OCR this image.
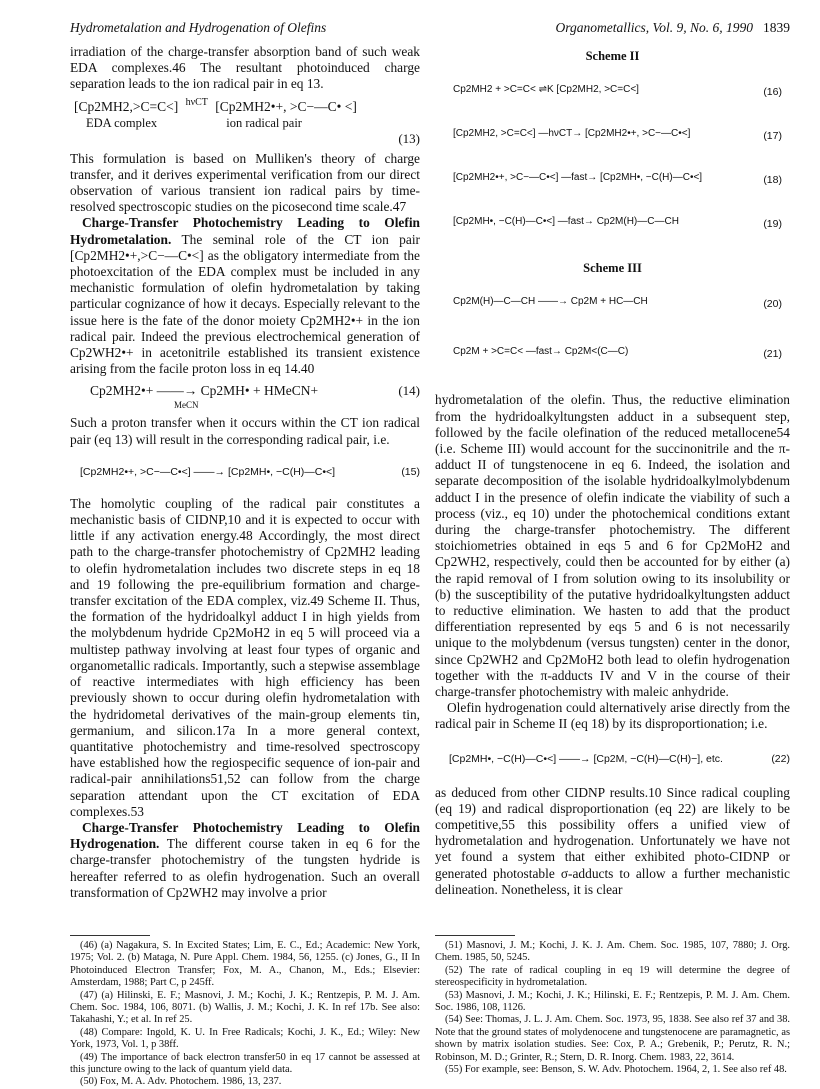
Hydrometalation and Hydrogenation of Olefins	Organometallics, Vol. 9, No. 6, 1990 1839

irradiation of the charge-transfer absorption band of such weak EDA complexes.46 The resultant photoinduced charge separation leads to the ion radical pair in eq 13.

[Cp2MH2,>C=C<] hνCT [Cp2MH2•+, >C−—C• <]
EDA complex	ion radical pair
(13)

This formulation is based on Mulliken's theory of charge transfer, and it derives experimental verification from our direct observation of various transient ion radical pairs by time-resolved spectroscopic studies on the picosecond time scale.47

Charge-Transfer Photochemistry Leading to Olefin Hydrometalation. The seminal role of the CT ion pair [Cp2MH2•+,>C−—C•<] as the obligatory intermediate from the photoexcitation of the EDA complex must be included in any mechanistic formulation of olefin hydrometalation by taking particular cognizance of how it decays. Especially relevant to the issue here is the fate of the donor moiety Cp2MH2•+ in the ion radical pair. Indeed the previous electrochemical generation of Cp2WH2•+ in acetonitrile established its transient existence arising from the facile proton loss in eq 14.40

Cp2MH2•+ ——→ Cp2MH• + HMeCN+
MeCN
(14)

Such a proton transfer when it occurs within the CT ion radical pair (eq 13) will result in the corresponding radical pair, i.e.

[Cp2MH2•+, >C−—C•<] ——→ [Cp2MH•, −C(H)—C•<]	(15)

The homolytic coupling of the radical pair constitutes a mechanistic basis of CIDNP,10 and it is expected to occur with little if any activation energy.48 Accordingly, the most direct path to the charge-transfer photochemistry of Cp2MH2 leading to olefin hydrometalation includes two discrete steps in eq 18 and 19 following the pre-equilibrium formation and charge-transfer excitation of the EDA complex, viz.49 Scheme II. Thus, the formation of the hydridoalkyl adduct I in high yields from the molybdenum hydride Cp2MoH2 in eq 5 will proceed via a multistep pathway involving at least four types of organic and organometallic radicals. Importantly, such a stepwise assemblage of reactive intermediates with high efficiency has been previously shown to occur during olefin hydrometalation with the hydridometal derivatives of the main-group elements tin, germanium, and silicon.17a In a more general context, quantitative photochemistry and time-resolved spectroscopy have established how the regiospecific sequence of ion-pair and radical-pair annihilations51,52 can follow from the charge separation attendant upon the CT excitation of EDA complexes.53

Charge-Transfer Photochemistry Leading to Olefin Hydrogenation. The different course taken in eq 6 for the charge-transfer photochemistry of the tungsten hydride is hereafter referred to as olefin hydrogenation. Such an overall transformation of Cp2WH2 may involve a prior

(46) (a) Nagakura, S. In Excited States; Lim, E. C., Ed.; Academic: New York, 1975; Vol. 2. (b) Mataga, N. Pure Appl. Chem. 1984, 56, 1255. (c) Jones, G., II In Photoinduced Electron Transfer; Fox, M. A., Chanon, M., Eds.; Elsevier: Amsterdam, 1988; Part C, p 245ff.

(47) (a) Hilinski, E. F.; Masnovi, J. M.; Kochi, J. K.; Rentzepis, P. M. J. Am. Chem. Soc. 1984, 106, 8071. (b) Wallis, J. M.; Kochi, J. K. In ref 17b. See also: Takahashi, Y.; et al. In ref 25.

(48) Compare: Ingold, K. U. In Free Radicals; Kochi, J. K., Ed.; Wiley: New York, 1973, Vol. 1, p 38ff.

(49) The importance of back electron transfer50 in eq 17 cannot be assessed at this juncture owing to the lack of quantum yield data.

(50) Fox, M. A. Adv. Photochem. 1986, 13, 237.

Scheme II
Cp2MH2 + >C=C< ⇌K [Cp2MH2, >C=C<]	(16)
[Cp2MH2, >C=C<] —hνCT→ [Cp2MH2•+, >C−—C•<]	(17)
[Cp2MH2•+, >C−—C•<] —fast→ [Cp2MH•, −C(H)—C•<]	(18)
[Cp2MH•, −C(H)—C•<] —fast→ Cp2M(H)—C—CH	(19)
Scheme III
Cp2M(H)—C—CH ——→ Cp2M + HC—CH	(20)
Cp2M + >C=C< —fast→ Cp2M<(C—C)	(21)

hydrometalation of the olefin. Thus, the reductive elimination from the hydridoalkyltungsten adduct in a subsequent step, followed by the facile olefination of the reduced metallocene54 (i.e. Scheme III) would account for the succinonitrile and the π-adduct II of tungstenocene in eq 6. Indeed, the isolation and separate decomposition of the isolable hydridoalkylmolybdenum adduct I in the presence of olefin indicate the viability of such a process (viz., eq 10) under the photochemical conditions extant during the charge-transfer photochemistry. The different stoichiometries obtained in eqs 5 and 6 for Cp2MoH2 and Cp2WH2, respectively, could then be accounted for by either (a) the rapid removal of I from solution owing to its insolubility or (b) the susceptibility of the putative hydridoalkyltungsten adduct to reductive elimination. We hasten to add that the product differentiation represented by eqs 5 and 6 is not necessarily unique to the molybdenum (versus tungsten) center in the donor, since Cp2WH2 and Cp2MoH2 both lead to olefin hydrogenation together with the π-adducts IV and V in the course of their charge-transfer photochemistry with maleic anhydride.

Olefin hydrogenation could alternatively arise directly from the radical pair in Scheme II (eq 18) by its disproportionation; i.e.

[Cp2MH•, −C(H)—C•<] ——→ [Cp2M, −C(H)—C(H)−], etc.	(22)

as deduced from other CIDNP results.10 Since radical coupling (eq 19) and radical disproportionation (eq 22) are likely to be competitive,55 this possibility offers a unified view of hydrometalation and hydrogenation. Unfortunately we have not yet found a system that either exhibited photo-CIDNP or generated photostable σ-adducts to allow a further mechanistic delineation. Nonetheless, it is clear

(51) Masnovi, J. M.; Kochi, J. K. J. Am. Chem. Soc. 1985, 107, 7880; J. Org. Chem. 1985, 50, 5245.

(52) The rate of radical coupling in eq 19 will determine the degree of stereospecificity in hydrometalation.

(53) Masnovi, J. M.; Kochi, J. K.; Hilinski, E. F.; Rentzepis, P. M. J. Am. Chem. Soc. 1986, 108, 1126.

(54) See: Thomas, J. L. J. Am. Chem. Soc. 1973, 95, 1838. See also ref 37 and 38. Note that the ground states of molydenocene and tungstenocene are paramagnetic, as shown by matrix isolation studies. See: Cox, P. A.; Grebenik, P.; Perutz, R. N.; Robinson, M. D.; Grinter, R.; Stern, D. R. Inorg. Chem. 1983, 22, 3614.

(55) For example, see: Benson, S. W. Adv. Photochem. 1964, 2, 1. See also ref 48.
